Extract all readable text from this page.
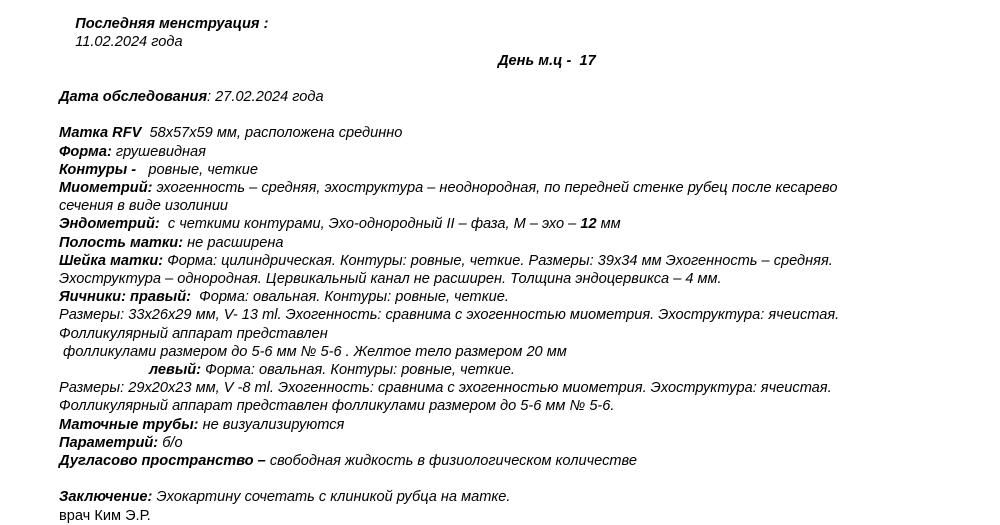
Последняя менструация :
11.02.2024 года

День м.ц - 17

Дата обследования: 27.02.2024 года
Матка RFV 58x57x59 мм, расположена срединно
Форма: грушевидная
Контуры - ровные, четкие
Миометрий: эхогенность – средняя, эхоструктура – неоднородная, по передней стенке рубец после кесарево
сечения в виде изолинии
Эндометрий: с четкими контурами, Эхо-однородный II – фаза, М – эхо – 12 мм
Полость матки: не расширена
Шейка матки: Форма: цилиндрическая. Контуры: ровные, четкие. Размеры: 39x34 мм Эхогенность – средняя.
Эхоструктура – однородная. Цервикальный канал не расширен. Толщина эндоцервикса – 4 мм.
Яичники: правый: Форма: овальная. Контуры: ровные, четкие.
Размеры: 33x26x29 мм, V- 13 ml. Эхогенность: сравнима с эхогенностью миометрия. Эхоструктура: ячеистая.
Фолликулярный аппарат представлен
фолликулами размером до 5-6 мм № 5-6 . Желтое тело размером 20 мм
левый: Форма: овальная. Контуры: ровные, четкие.
Размеры: 29x20x23 мм, V -8 ml. Эхогенность: сравнима с эхогенностью миометрия. Эхоструктура: ячеистая.
Фолликулярный аппарат представлен фолликулами размером до 5-6 мм № 5-6.
Маточные трубы: не визуализируются
Параметрий: б/о
Дугласово пространство – свободная жидкость в физиологическом количестве
Заключение: Эхокартину сочетать с клиникой рубца на матке.
врач Ким Э.Р.
